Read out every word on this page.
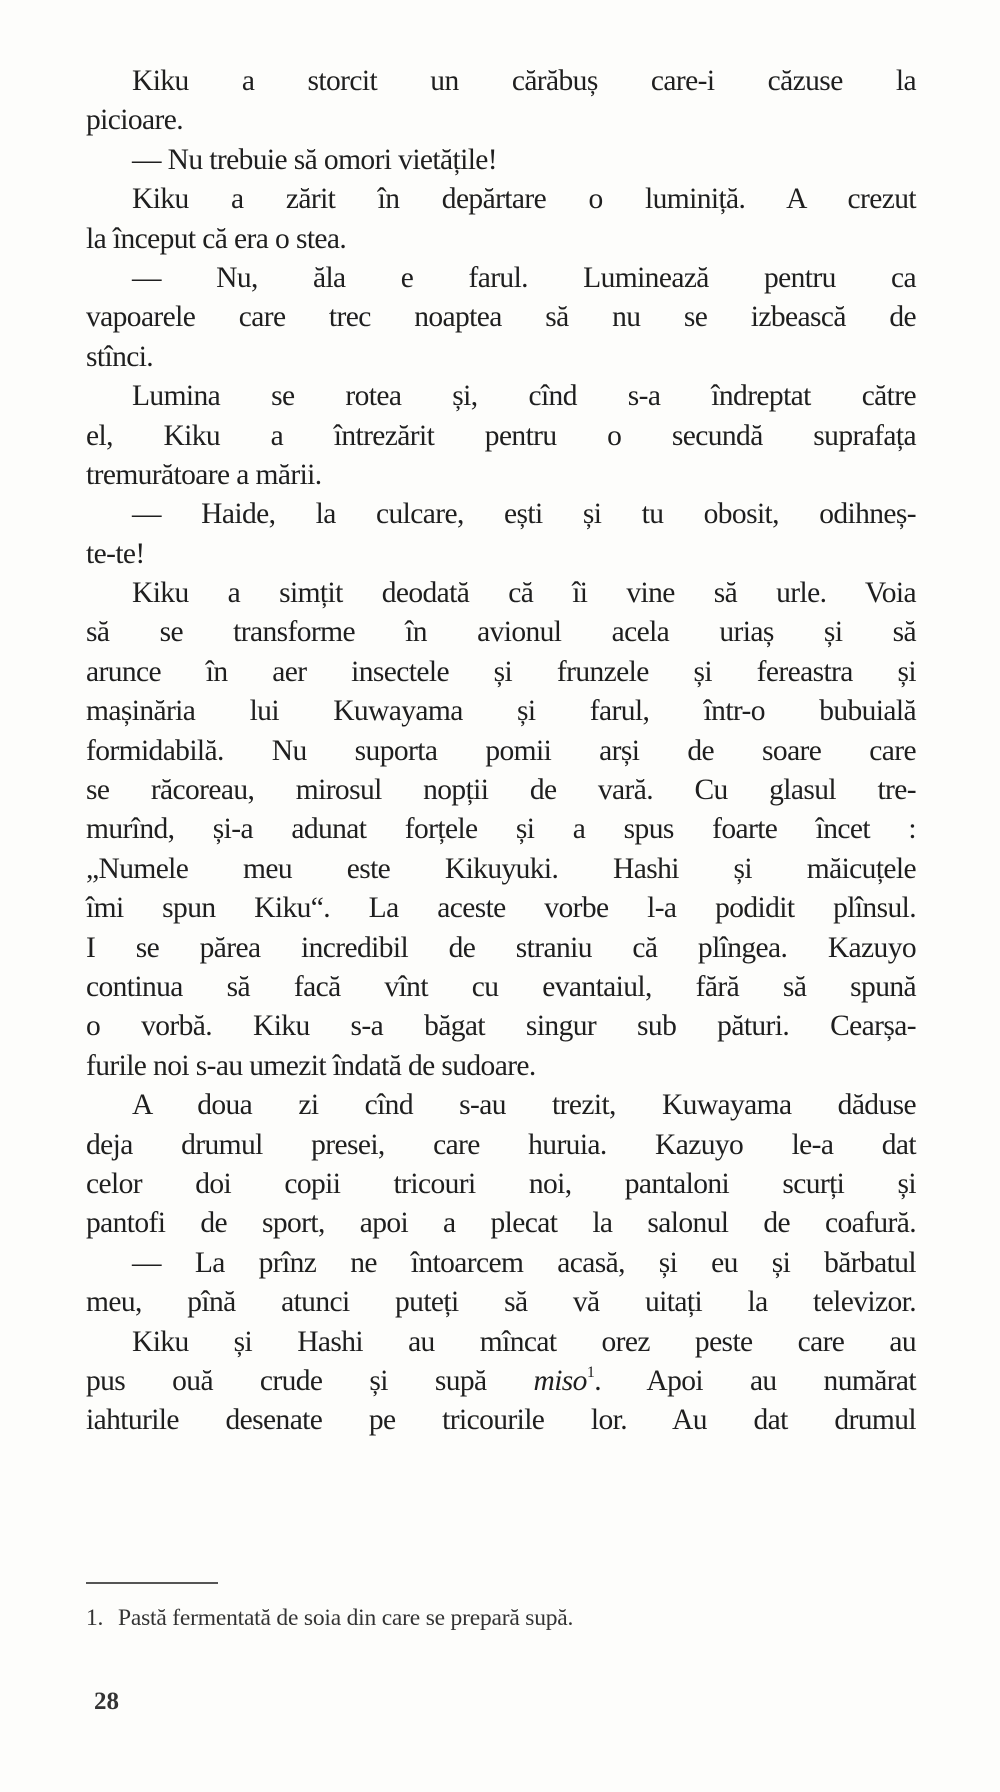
Kiku a storcit un cărăbuș care-i căzuse la
picioare.
— Nu trebuie să omori vietățile!
Kiku a zărit în depărtare o luminiță. A crezut
la început că era o stea.
— Nu, ăla e farul. Luminează pentru ca
vapoarele care trec noaptea să nu se izbească de
stînci.
Lumina se rotea și, cînd s-a îndreptat către
el, Kiku a întrezărit pentru o secundă suprafața
tremurătoare a mării.
— Haide, la culcare, ești și tu obosit, odihneș-
te-te!
Kiku a simțit deodată că îi vine să urle. Voia
să se transforme în avionul acela uriaș și să
arunce în aer insectele și frunzele și fereastra și
mașinăria lui Kuwayama și farul, într-o bubuială
formidabilă. Nu suporta pomii arși de soare care
se răcoreau, mirosul nopții de vară. Cu glasul tre-
murînd, și-a adunat forțele și a spus foarte încet :
„Numele meu este Kikuyuki. Hashi și măicuțele
îmi spun Kiku“. La aceste vorbe l-a podidit plînsul.
I se părea incredibil de straniu că plîngea. Kazuyo
continua să facă vînt cu evantaiul, fără să spună
o vorbă. Kiku s-a băgat singur sub pături. Cearșa-
furile noi s-au umezit îndată de sudoare.
A doua zi cînd s-au trezit, Kuwayama dăduse
deja drumul presei, care huruia. Kazuyo le-a dat
celor doi copii tricouri noi, pantaloni scurți și
pantofi de sport, apoi a plecat la salonul de coafură.
— La prînz ne întoarcem acasă, și eu și bărbatul
meu, pînă atunci puteți să vă uitați la televizor.
Kiku și Hashi au mîncat orez peste care au
pus ouă crude și supă miso$^1$. Apoi au numărat
iahturile desenate pe tricourile lor. Au dat drumul
1. Pastă fermentată de soia din care se prepară supă.
28
